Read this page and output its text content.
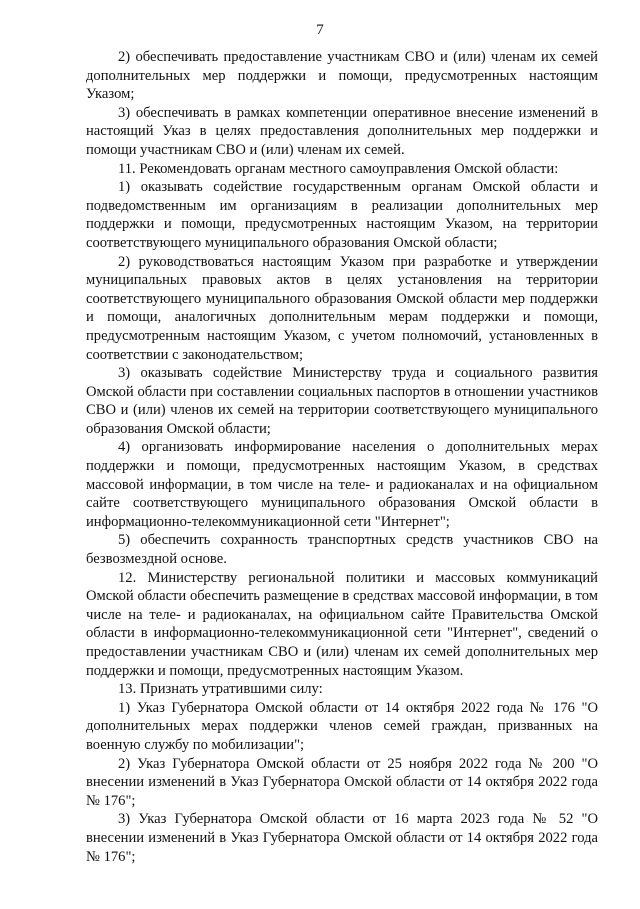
7

2) обеспечивать предоставление участникам СВО и (или) членам их семей дополнительных мер поддержки и помощи, предусмотренных настоящим Указом;

3) обеспечивать в рамках компетенции оперативное внесение изменений в настоящий Указ в целях предоставления дополнительных мер поддержки и помощи участникам СВО и (или) членам их семей.

11. Рекомендовать органам местного самоуправления Омской области:

1) оказывать содействие государственным органам Омской области и подведомственным им организациям в реализации дополнительных мер поддержки и помощи, предусмотренных настоящим Указом, на территории соответствующего муниципального образования Омской области;

2) руководствоваться настоящим Указом при разработке и утверждении муниципальных правовых актов в целях установления на территории соответствующего муниципального образования Омской области мер поддержки и помощи, аналогичных дополнительным мерам поддержки и помощи, предусмотренным настоящим Указом, с учетом полномочий, установленных в соответствии с законодательством;

3) оказывать содействие Министерству труда и социального развития Омской области при составлении социальных паспортов в отношении участников СВО и (или) членов их семей на территории соответствующего муниципального образования Омской области;

4) организовать информирование населения о дополнительных мерах поддержки и помощи, предусмотренных настоящим Указом, в средствах массовой информации, в том числе на теле- и радиоканалах и на официальном сайте соответствующего муниципального образования Омской области в информационно-телекоммуникационной сети "Интернет";

5) обеспечить сохранность транспортных средств участников СВО на безвозмездной основе.

12. Министерству региональной политики и массовых коммуникаций Омской области обеспечить размещение в средствах массовой информации, в том числе на теле- и радиоканалах, на официальном сайте Правительства Омской области в информационно-телекоммуникационной сети "Интернет", сведений о предоставлении участникам СВО и (или) членам их семей дополнительных мер поддержки и помощи, предусмотренных настоящим Указом.

13. Признать утратившими силу:

1) Указ Губернатора Омской области от 14 октября 2022 года № 176 "О дополнительных мерах поддержки членов семей граждан, призванных на военную службу по мобилизации";

2) Указ Губернатора Омской области от 25 ноября 2022 года № 200 "О внесении изменений в Указ Губернатора Омской области от 14 октября 2022 года № 176";

3) Указ Губернатора Омской области от 16 марта 2023 года № 52 "О внесении изменений в Указ Губернатора Омской области от 14 октября 2022 года № 176";
